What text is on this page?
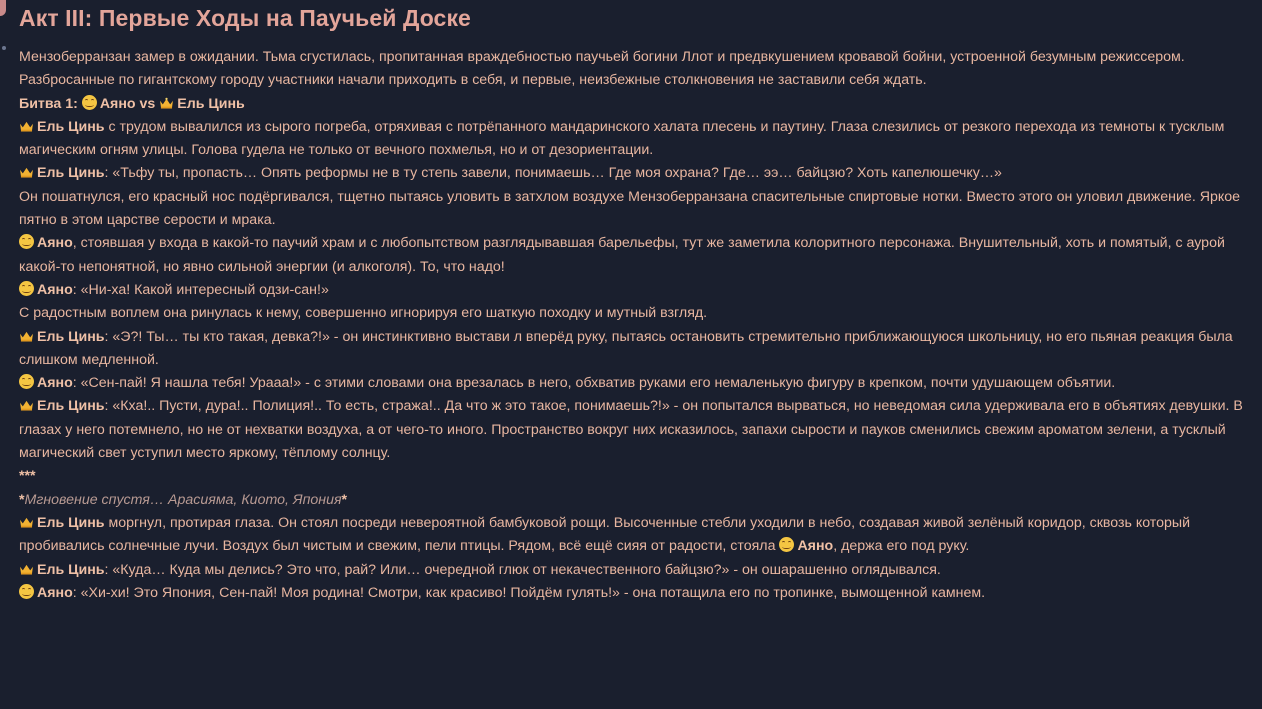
Акт III: Первые Ходы на Паучьей Доске

Мензоберранзан замер в ожидании. Тьма сгустилась, пропитанная враждебностью паучьей богини Ллот и предвкушением кровавой бойни, устроенной безумным режиссером. Разбросанные по гигантскому городу участники начали приходить в себя, и первые, неизбежные столкновения не заставили себя ждать.

Битва 1: Аяно vs Ель Цинь

Ель Цинь с трудом вывалился из сырого погреба, отряхивая с потрёпанного мандаринского халата плесень и паутину. Глаза слезились от резкого перехода из темноты к тусклым магическим огням улицы. Голова гудела не только от вечного похмелья, но и от дезориентации.

Ель Цинь: «Тьфу ты, пропасть… Опять реформы не в ту степь завели, понимаешь… Где моя охрана? Где… ээ… байцзю? Хоть капелюшечку…»

Он пошатнулся, его красный нос подёргивался, тщетно пытаясь уловить в затхлом воздухе Мензоберранзана спасительные спиртовые нотки. Вместо этого он уловил движение. Яркое пятно в этом царстве серости и мрака.

Аяно, стоявшая у входа в какой-то паучий храм и с любопытством разглядывавшая барельефы, тут же заметила колоритного персонажа. Внушительный, хоть и помятый, с аурой какой-то непонятной, но явно сильной энергии (и алкоголя). То, что надо!

Аяно: «Ни-ха! Какой интересный одзи-сан!»

С радостным воплем она ринулась к нему, совершенно игнорируя его шаткую походку и мутный взгляд.

Ель Цинь: «Э?! Ты… ты кто такая, девка?!» - он инстинктивно выстави л вперёд руку, пытаясь остановить стремительно приближающуюся школьницу, но его пьяная реакция была слишком медленной.

Аяно: «Сен-пай! Я нашла тебя! Урааа!» - с этими словами она врезалась в него, обхватив руками его немаленькую фигуру в крепком, почти удушающем объятии.

Ель Цинь: «Кха!.. Пусти, дура!.. Полиция!.. То есть, стража!.. Да что ж это такое, понимаешь?!» - он попытался вырваться, но неведомая сила удерживала его в объятиях девушки. В глазах у него потемнело, но не от нехватки воздуха, а от чего-то иного. Пространство вокруг них исказилось, запахи сырости и пауков сменились свежим ароматом зелени, а тусклый магический свет уступил место яркому, тёплому солнцу.

***

*Мгновение спустя… Арасияма, Киото, Япония*

Ель Цинь моргнул, протирая глаза. Он стоял посреди невероятной бамбуковой рощи. Высоченные стебли уходили в небо, создавая живой зелёный коридор, сквозь который пробивались солнечные лучи. Воздух был чистым и свежим, пели птицы. Рядом, всё ещё сияя от радости, стояла Аяно, держа его под руку.

Ель Цинь: «Куда… Куда мы делись? Это что, рай? Или… очередной глюк от некачественного байцзю?» - он ошарашенно оглядывался.

Аяно: «Хи-хи! Это Япония, Сен-пай! Моя родина! Смотри, как красиво! Пойдём гулять!» - она потащила его по тропинке, вымощенной камнем.
